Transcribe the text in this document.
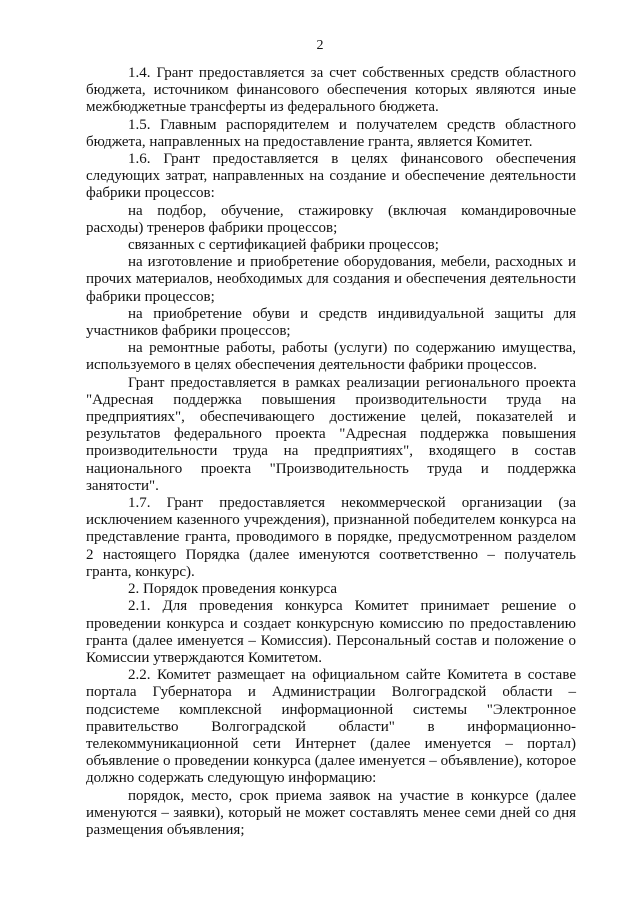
2

1.4. Грант предоставляется за счет собственных средств областного бюджета, источником финансового обеспечения которых являются иные межбюджетные трансферты из федерального бюджета.

1.5. Главным распорядителем и получателем средств областного бюджета, направленных на предоставление гранта, является Комитет.

1.6. Грант предоставляется в целях финансового обеспечения следующих затрат, направленных на создание и обеспечение деятельности фабрики процессов:

на подбор, обучение, стажировку (включая командировочные расходы) тренеров фабрики процессов;

связанных с сертификацией фабрики процессов;

на изготовление и приобретение оборудования, мебели, расходных и прочих материалов, необходимых для создания и обеспечения деятельности фабрики процессов;

на приобретение обуви и средств индивидуальной защиты для участников фабрики процессов;

на ремонтные работы, работы (услуги) по содержанию имущества, используемого в целях обеспечения деятельности фабрики процессов.

Грант предоставляется в рамках реализации регионального проекта "Адресная поддержка повышения производительности труда на предприятиях", обеспечивающего достижение целей, показателей и результатов федерального проекта "Адресная поддержка повышения производительности труда на предприятиях", входящего в состав национального проекта "Производительность труда и поддержка занятости".

1.7. Грант предоставляется некоммерческой организации (за исключением казенного учреждения), признанной победителем конкурса на представление гранта, проводимого в порядке, предусмотренном разделом 2 настоящего Порядка (далее именуются соответственно – получатель гранта, конкурс).

2. Порядок проведения конкурса

2.1. Для проведения конкурса Комитет принимает решение о проведении конкурса и создает конкурсную комиссию по предоставлению гранта (далее именуется – Комиссия). Персональный состав и положение о Комиссии утверждаются Комитетом.

2.2. Комитет размещает на официальном сайте Комитета в составе портала Губернатора и Администрации Волгоградской области – подсистеме комплексной информационной системы "Электронное правительство Волгоградской области" в информационно-телекоммуникационной сети Интернет (далее именуется – портал) объявление о проведении конкурса (далее именуется – объявление), которое должно содержать следующую информацию:

порядок, место, срок приема заявок на участие в конкурсе (далее именуются – заявки), который не может составлять менее семи дней со дня размещения объявления;
